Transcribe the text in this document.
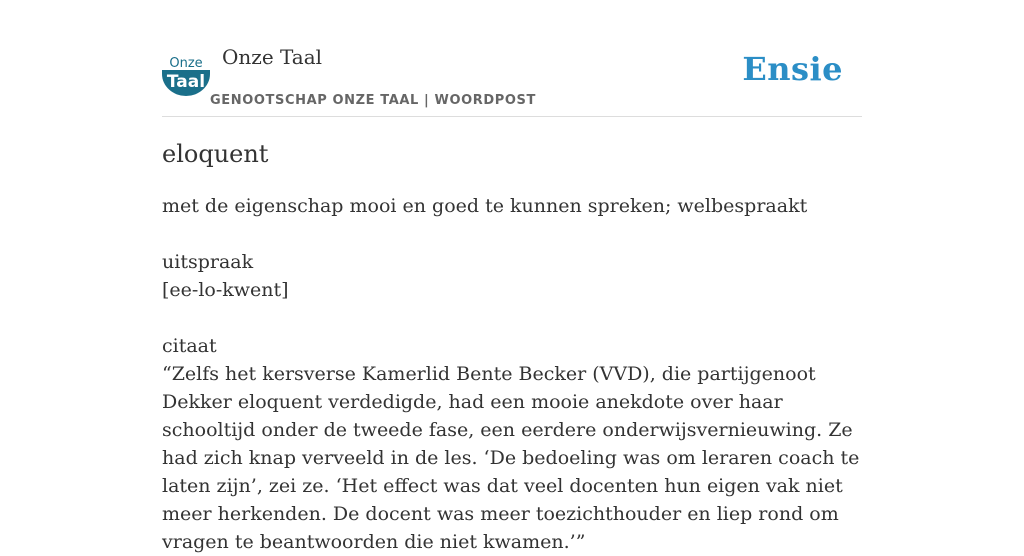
Onze
Taal
Onze Taal
GENOOTSCHAP ONZE TAAL | WOORDPOST
Ensie
eloquent

met de eigenschap mooi en goed te kunnen spreken; welbespraakt

uitspraak

[ee-lo-kwent]

citaat

“Zelfs het kersverse Kamerlid Bente Becker (VVD), die partijgenoot Dekker eloquent verdedigde, had een mooie anekdote over haar schooltijd onder de tweede fase, een eerdere onderwijsvernieuwing. Ze had zich knap verveeld in de les. ‘De bedoeling was om leraren coach te laten zijn’, zei ze. ‘Het effect was dat veel docenten hun eigen vak niet meer herkenden. De docent was meer toezichthouder en liep rond om vragen te beantwoorden die niet kwamen.’”
